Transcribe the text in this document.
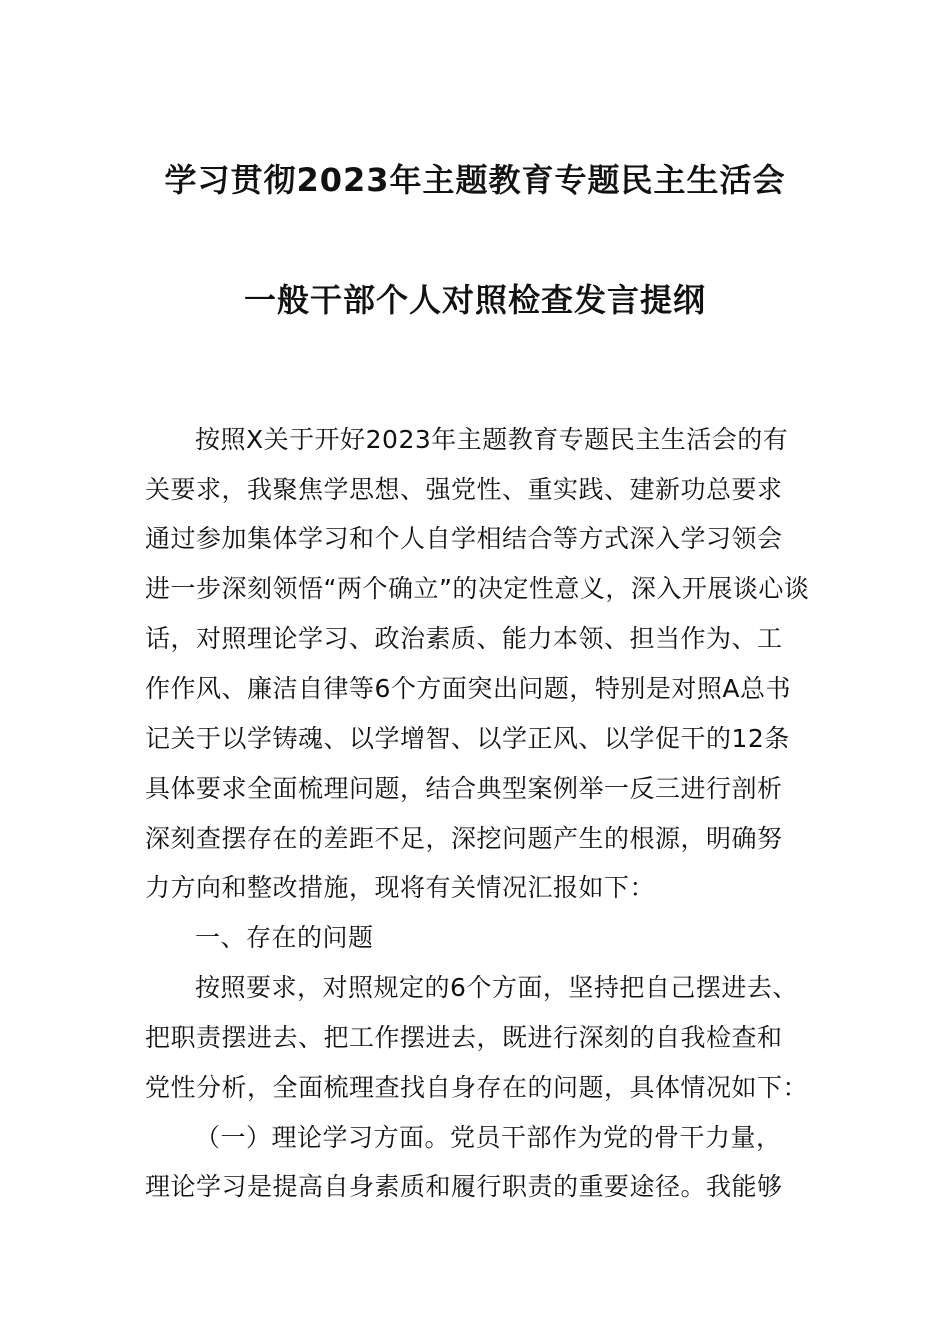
学习贯彻2023年主题教育专题民主生活会
一般干部个人对照检查发言提纲
按照X关于开好2023年主题教育专题民主生活会的有
关要求，我聚焦学思想、强党性、重实践、建新功总要求
通过参加集体学习和个人自学相结合等方式深入学习领会
进一步深刻领悟“两个确立”的决定性意义，深入开展谈心谈
话，对照理论学习、政治素质、能力本领、担当作为、工
作作风、廉洁自律等6个方面突出问题，特别是对照A总书
记关于以学铸魂、以学增智、以学正风、以学促干的12条
具体要求全面梳理问题，结合典型案例举一反三进行剖析
深刻查摆存在的差距不足，深挖问题产生的根源，明确努
力方向和整改措施，现将有关情况汇报如下：
一、存在的问题
按照要求，对照规定的6个方面，坚持把自己摆进去、
把职责摆进去、把工作摆进去，既进行深刻的自我检查和
党性分析，全面梳理查找自身存在的问题，具体情况如下：
（一）理论学习方面。党员干部作为党的骨干力量，
理论学习是提高自身素质和履行职责的重要途径。我能够
